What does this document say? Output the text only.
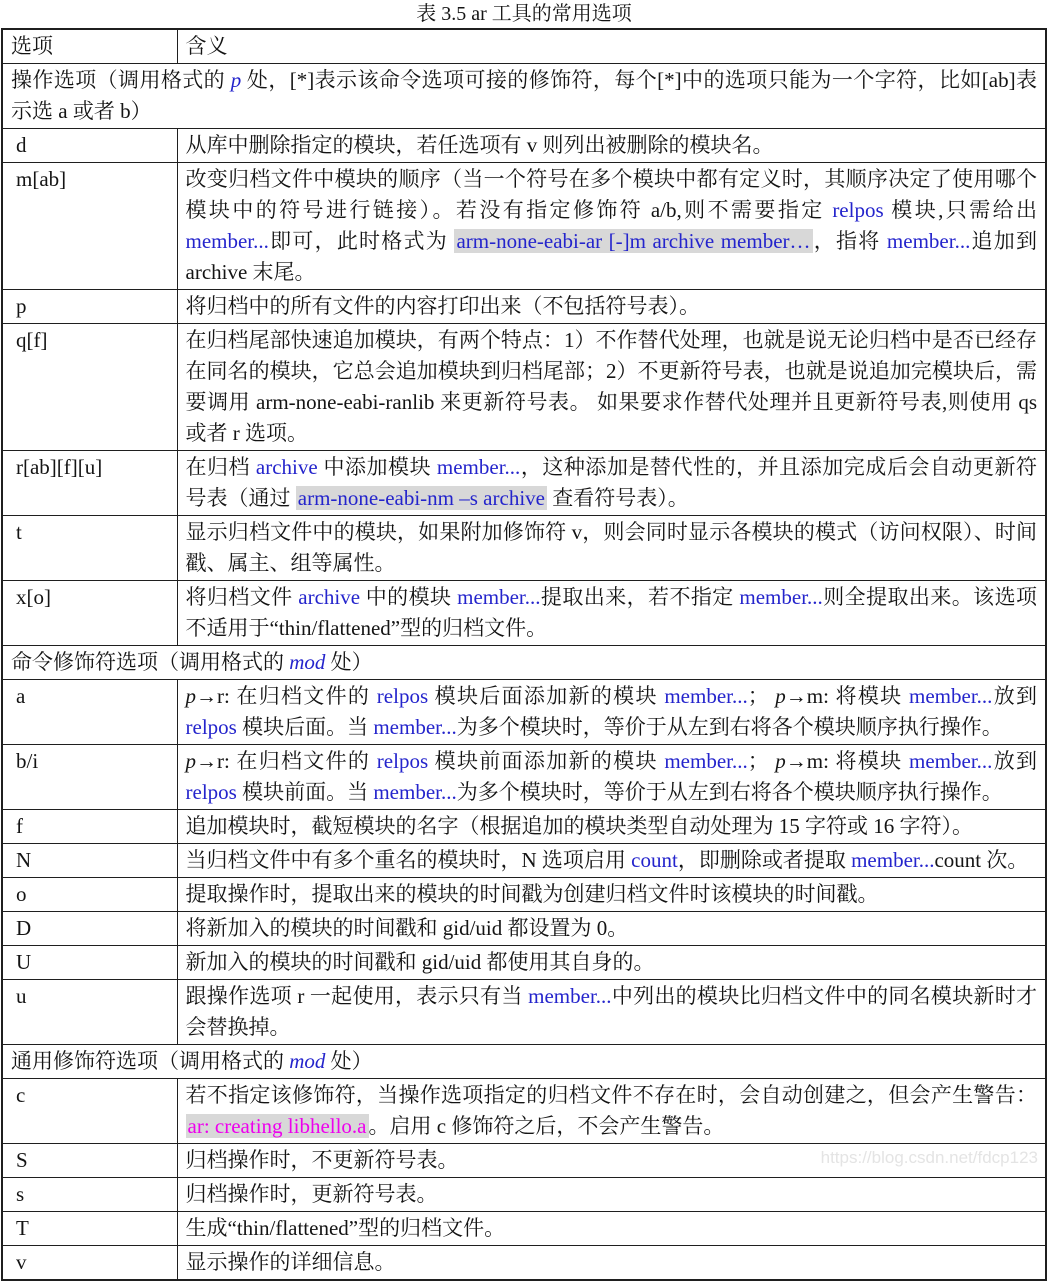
表 3.5 ar 工具的常用选项
选项	含义
操作选项（调用格式的 p 处，[*]表示该命令选项可接的修饰符，每个[*]中的选项只能为一个字符，比如[ab]表示选 a 或者 b）	
d	从库中删除指定的模块，若任选项有 v 则列出被删除的模块名。
m[ab]	改变归档文件中模块的顺序（当一个符号在多个模块中都有定义时，其顺序决定了使用哪个模块中的符号进行链接）。若没有指定修饰符 a/b,则不需要指定 relpos 模块,只需给出 member...即可，此时格式为 arm-none-eabi-ar [-]m archive member…，指将 member...追加到 archive 末尾。
p	将归档中的所有文件的内容打印出来（不包括符号表）。
q[f]	在归档尾部快速追加模块，有两个特点：1）不作替代处理，也就是说无论归档中是否已经存在同名的模块，它总会追加模块到归档尾部；2）不更新符号表，也就是说追加完模块后，需要调用 arm-none-eabi-ranlib 来更新符号表。 如果要求作替代处理并且更新符号表,则使用 qs 或者 r 选项。
r[ab][f][u]	在归档 archive 中添加模块 member...，这种添加是替代性的，并且添加完成后会自动更新符号表（通过 arm-none-eabi-nm –s archive 查看符号表）。
t	显示归档文件中的模块，如果附加修饰符 v，则会同时显示各模块的模式（访问权限）、时间戳、属主、组等属性。
x[o]	将归档文件 archive 中的模块 member...提取出来，若不指定 member...则全提取出来。该选项不适用于“thin/flattened”型的归档文件。
命令修饰符选项（调用格式的 mod 处）	
a	p→r: 在归档文件的 relpos 模块后面添加新的模块 member...； p→m: 将模块 member...放到 relpos 模块后面。当 member...为多个模块时，等价于从左到右将各个模块顺序执行操作。
b/i	p→r: 在归档文件的 relpos 模块前面添加新的模块 member...； p→m: 将模块 member...放到 relpos 模块前面。当 member...为多个模块时，等价于从左到右将各个模块顺序执行操作。
f	追加模块时，截短模块的名字（根据追加的模块类型自动处理为 15 字符或 16 字符）。
N	当归档文件中有多个重名的模块时，N 选项启用 count，即删除或者提取 member...count 次。
o	提取操作时，提取出来的模块的时间戳为创建归档文件时该模块的时间戳。
D	将新加入的模块的时间戳和 gid/uid 都设置为 0。
U	新加入的模块的时间戳和 gid/uid 都使用其自身的。
u	跟操作选项 r 一起使用，表示只有当 member...中列出的模块比归档文件中的同名模块新时才会替换掉。
通用修饰符选项（调用格式的 mod 处）	
c	若不指定该修饰符，当操作选项指定的归档文件不存在时，会自动创建之，但会产生警告：ar: creating libhello.a。启用 c 修饰符之后，不会产生警告。
S	归档操作时，不更新符号表。
s	归档操作时，更新符号表。
T	生成“thin/flattened”型的归档文件。
v	显示操作的详细信息。
https://blog.csdn.net/fdcp123
